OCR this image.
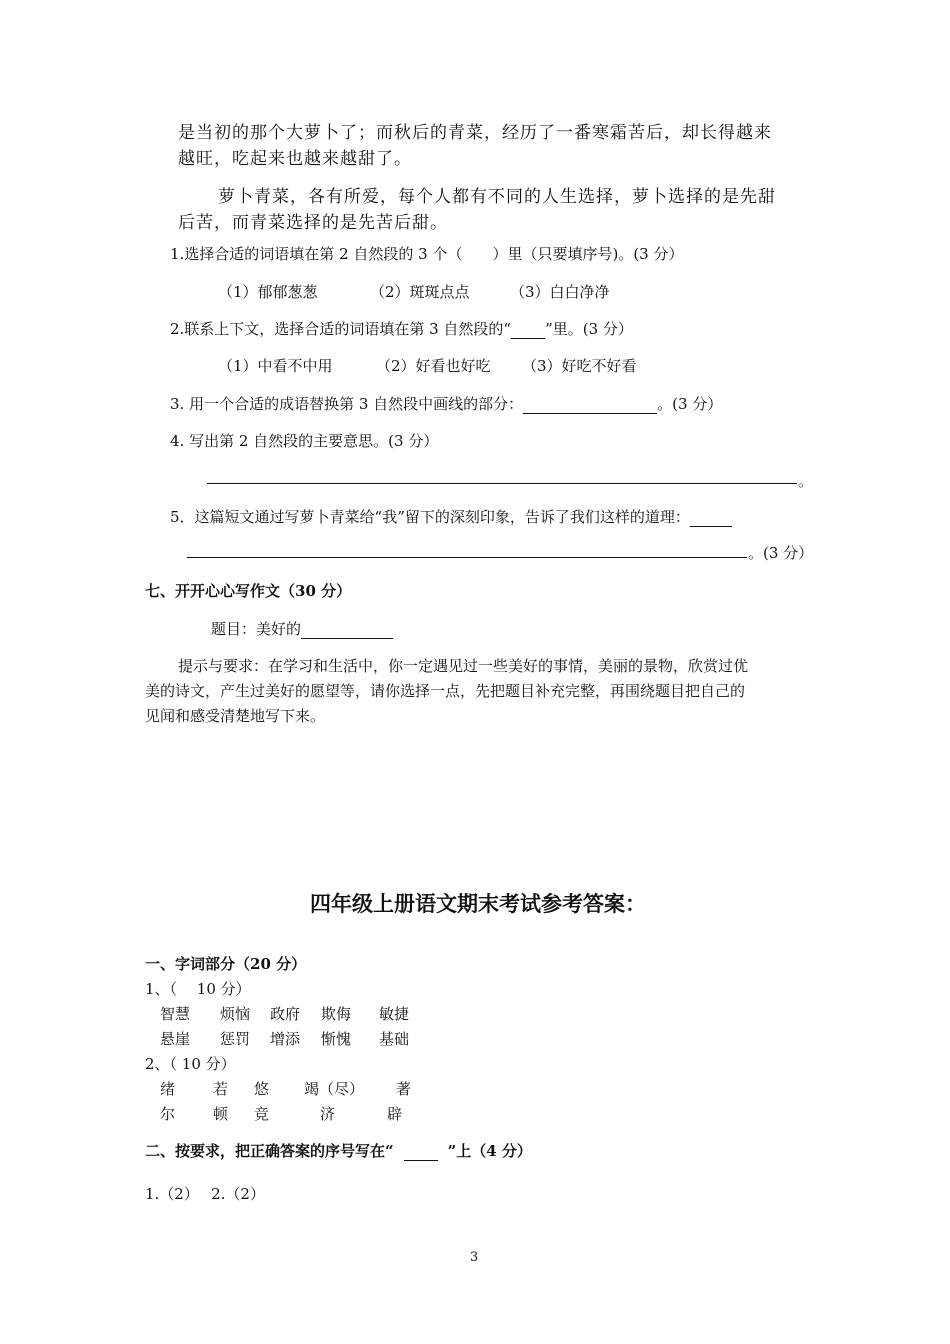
是当初的那个大萝卜了；而秋后的青菜，经历了一番寒霜苦后，却长得越来
越旺，吃起来也越来越甜了。
萝卜青菜，各有所爱，每个人都有不同的人生选择，萝卜选择的是先甜
后苦，而青菜选择的是先苦后甜。
1.选择合适的词语填在第 2 自然段的 3 个（　　）里（只要填序号)。(3 分）
（1）郁郁葱葱	（2）斑斑点点	（3）白白净净
2.联系上下文，选择合适的词语填在第 3 自然段的“ ”里。(3 分）
（1）中看不中用	（2）好看也好吃 （3）好吃不好看
3. 用一个合适的成语替换第 3 自然段中画线的部分：	。(3 分）
4. 写出第 2 自然段的主要意思。(3 分）
。
5．这篇短文通过写萝卜青菜给“我”留下的深刻印象，告诉了我们这样的道理：
。(3 分）
七、开开心心写作文（30 分）
题目：美好的
提示与要求：在学习和生活中，你一定遇见过一些美好的事情，美丽的景物，欣赏过优
美的诗文，产生过美好的愿望等，请你选择一点，先把题目补充完整，再围绕题目把自己的
见闻和感受清楚地写下来。
四年级上册语文期末考试参考答案：
一、字词部分（20 分）
1、（　 10 分）
智慧 烦恼 政府 欺侮 敏捷
悬崖 惩罚 增添 惭愧 基础
2、（ 10 分）
绪	若 悠 竭（尽） 著
尔	顿 竞	济	辟
二、按要求，把正确答案的序号写在“	”上（4 分）
1.（2）　 2.（2）
3
